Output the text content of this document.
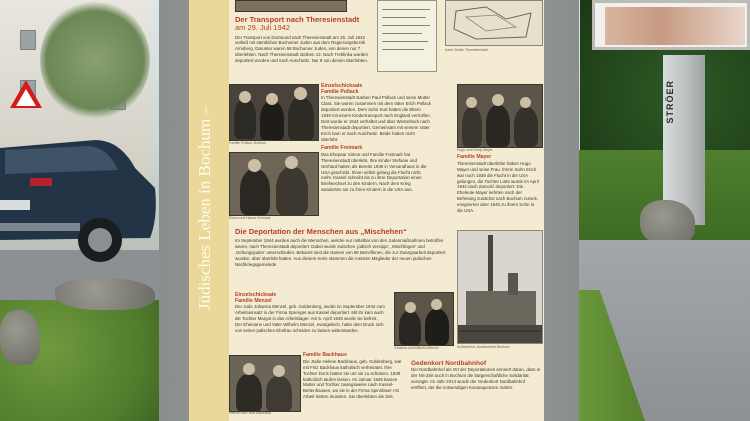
STRÖER
Jüdisches Leben in Bochum –

Karte Ghetto Theresienstadt

Der Transport nach Theresienstadt

am 29. Juli 1942

Der Transport von Dortmund nach Theresienstadt am 29. Juli 1942 verließ mit sämtlichen Bochumer Juden aus dem Regierungsbezirk Arnsberg. Darunter waren 58 Bochumer Juden, von denen nur 7 überlebten. Nach Theresienstadt starben 13. Nach Treblinka wurden deportiert worden und nach Auschwitz. Nur 8 von diesen überlebten.

Familie Pollack, Bochum

Einzelschicksale

Familie Pollack

In Theresienstadt starben Paul Pollack und seine Mutter Clara. Sie waren zusammen mit dem Vater Erich Pollack deportiert worden. Dem Sohn Kurt hatten die Eltern 1939 mit einem Kindertransport nach England verholfen. Dort wurde er 1944 verhaftet und über Westerbork nach Theresienstadt deportiert. Gemeinsam mit seinem Vater Erich kam er nach Auschwitz. Beide haben nicht überlebt.

Hugo und Emmy Mayer

Familie Mayer

Theresienstadt überlebte haben Hugo Mayer und seine Frau. Ihrem Sohn Erich war noch 1939 die Flucht in die USA gelungen, die Tochter Lotte wurde im April 1942 nach Zamość deportiert. Die Eheleute Mayer kehrten nach der Befreiung zunächst nach Bochum zurück, emigrierten aber 1946 zu ihrem Sohn in die USA.

Familie Freimark

Das Ehepaar Simon und Familie Freimark hat Theresienstadt überlebt. Ihre Kinder Stefanie und Gerhard hatten als Bereits 1939 in Versandhaus in die USA geschickt. Ihnen selbst gelang die Flucht nicht mehr. Kassel schreibt bis zu ihrer Deportation einen Briefwechsel zu den Kindern. Nach dem Krieg wanderten sie zu ihren Kindern in die USA aus.

Simon und Hanna Freimark

Die Deportation der Menschen aus „Mischehen“

Im September 1944 wurden auch die Menschen, welche nur mittelbar von den Judenmaßnahmen betroffen waren, nach Theresienstadt deportiert. Dabei wurde zwischen ‚jüdisch versippt‘, ‚Mischlingen‘ und ‚Geltungsjuden‘ unterschieden. Bekannt sind die Namen von 98 Betroffenen, die zur Zwangsarbeit deportiert wurden, aber überlebt hatten. Aus diesem Kreis stammen die meisten Mitglieder der neuen jüdischen Nachkriegsgemeinde.

Schlachthof, Nordbahnhof Bochum

Einzelschicksale

Familie Menzel

Der Jude Johanna Menzel, geb. Goldenberg, wurde im September 1944 zum Arbeitseinsatz in der Firma Sprenger aus Kassel deportiert. Mit ihr kam auch die Tochter Margot in das Arbeitslager. Am 5. April 1945 wurde sie befreit. Der Ehemann und Vater Wilhelm Menzel, evangelisch, hatte dem Druck sich von seiner jüdischen Ehefrau scheiden zu lassen widerstanden.

Johanna und Wilhelm Menzel

Helene und Doris Backhaus

Familie Backhaus

Die Jüdin Helene Backhaus, geb. Goldenberg, war mit Fritz Backhaus katholisch verheiratet. Ihre Tochter Doris hatten sie um sie zu schützen, 1939 katholisch taufen lassen. Im Januar 1945 kamen Mutter und Tochter zwangsweise nach Kassel-Bettenhausen, wo sie in der Firma Spinnfaser AG Arbeit leisten mussten. Sie überlebten die Zeit.

Gedenkort Nordbahnhof

Der Nordbahnhof als Ort der Deportationen erinnert daran, dass in der NS-Zeit auch in Bochum die bürgerschaftliche Solidarität versagte. Im Jahr 2014 wurde der Gedenkort Nordbahnhof eröffnet, der die notwendigen Konsequenzen mahnt.
